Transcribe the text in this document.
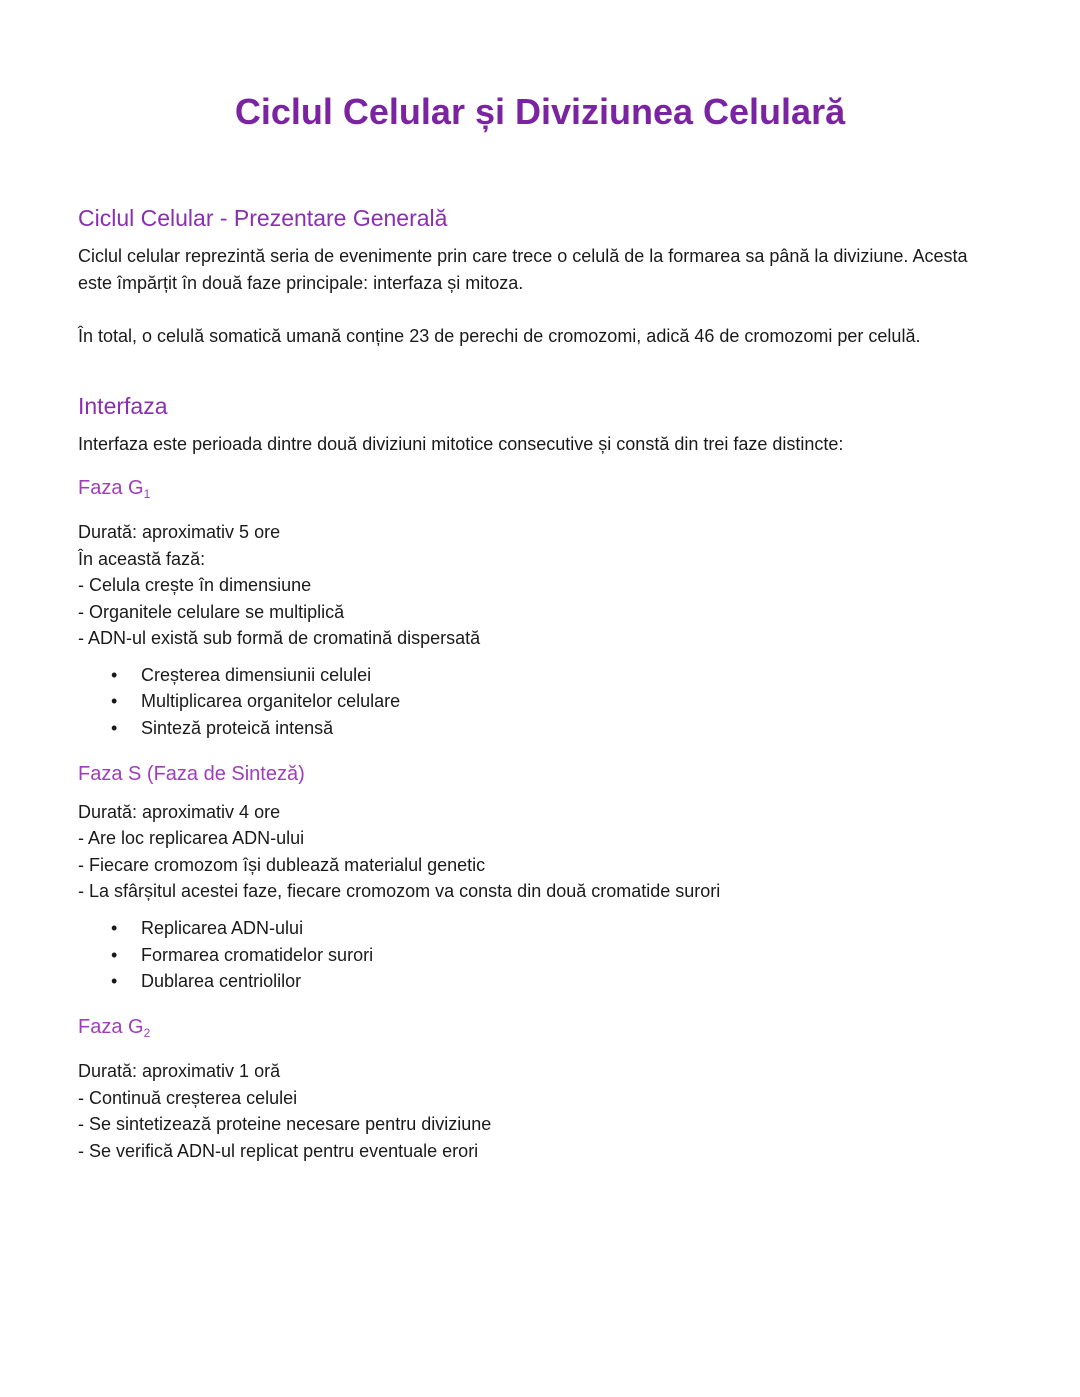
Ciclul Celular și Diviziunea Celulară
Ciclul Celular - Prezentare Generală

Ciclul celular reprezintă seria de evenimente prin care trece o celulă de la formarea sa până la diviziune. Acesta este împărțit în două faze principale: interfaza și mitoza.

În total, o celulă somatică umană conține 23 de perechi de cromozomi, adică 46 de cromozomi per celulă.

Interfaza

Interfaza este perioada dintre două diviziuni mitotice consecutive și constă din trei faze distincte:

Faza $G_1$
Durată: aproximativ 5 ore
În această fază:
- Celula crește în dimensiune
- Organitele celulare se multiplică
- ADN-ul există sub formă de cromatină dispersată
• Creșterea dimensiunii celulei
• Multiplicarea organitelor celulare
• Sinteză proteică intensă
Faza S (Faza de Sinteză)
Durată: aproximativ 4 ore
- Are loc replicarea ADN-ului
- Fiecare cromozom își dublează materialul genetic
- La sfârșitul acestei faze, fiecare cromozom va consta din două cromatide surori
• Replicarea ADN-ului
• Formarea cromatidelor surori
• Dublarea centriolilor
Faza $G_2$
Durată: aproximativ 1 oră
- Continuă creșterea celulei
- Se sintetizează proteine necesare pentru diviziune
- Se verifică ADN-ul replicat pentru eventuale erori
